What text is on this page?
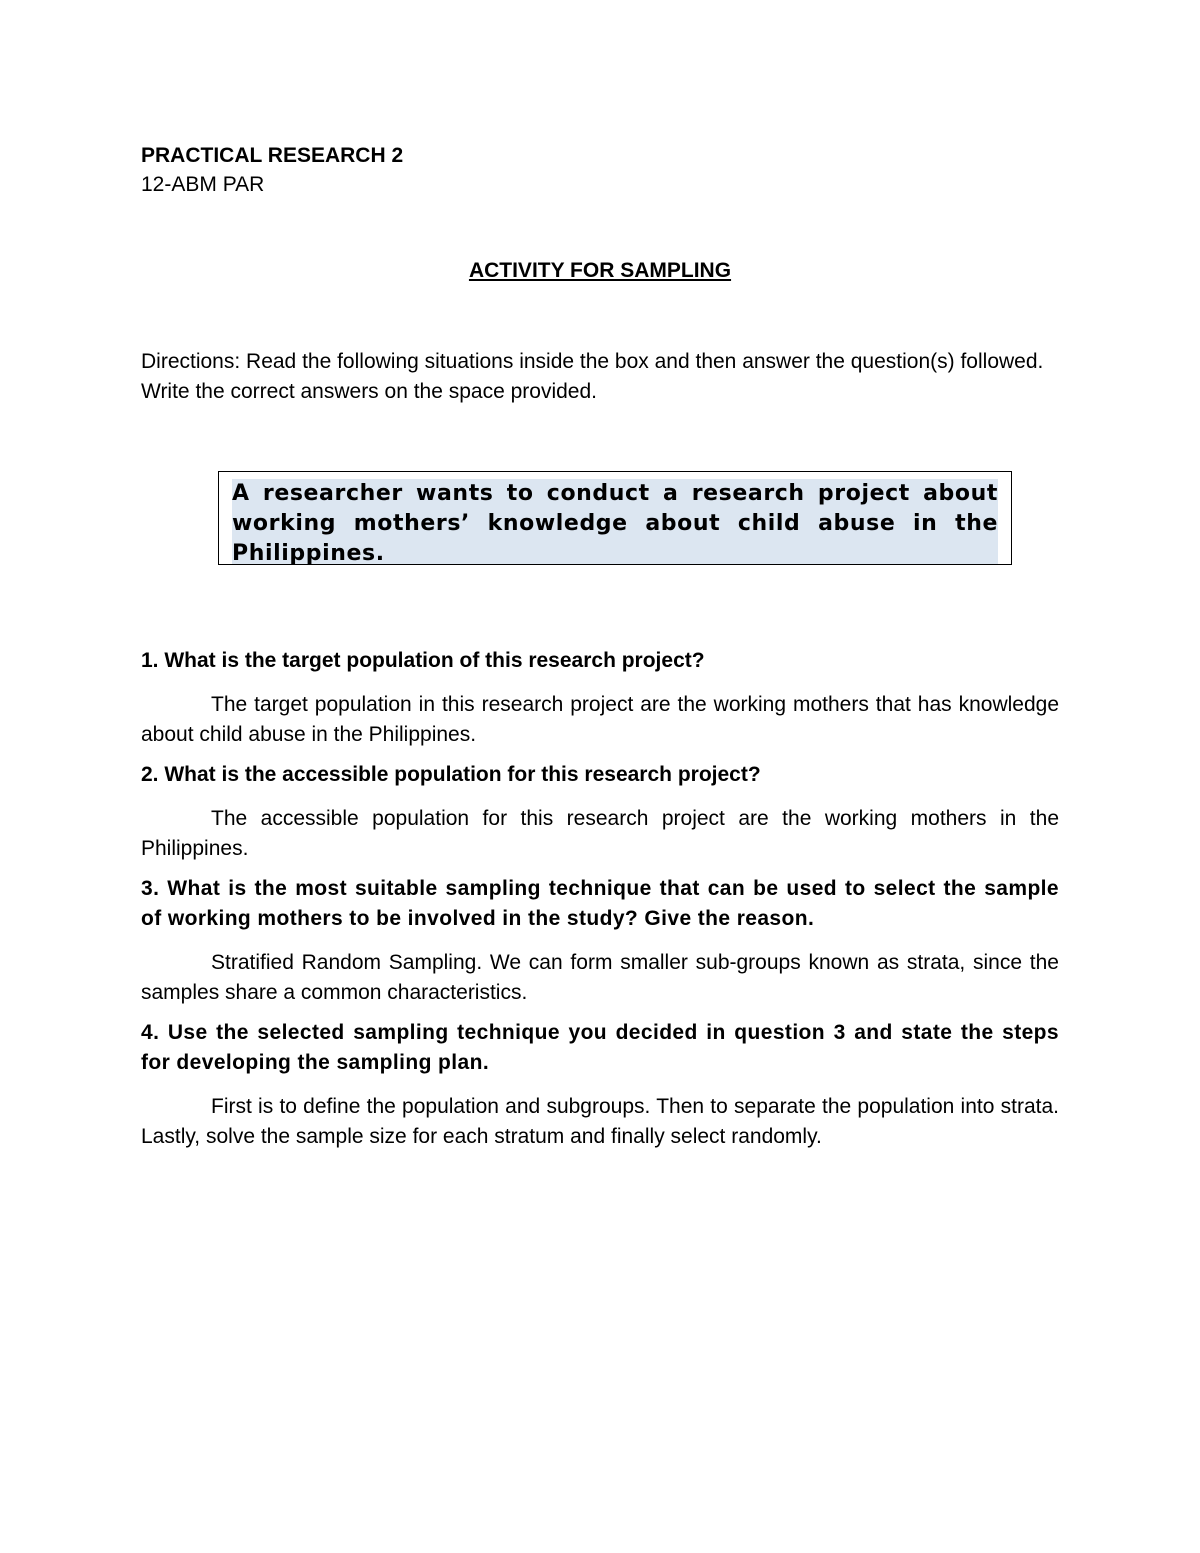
PRACTICAL RESEARCH 2

12-ABM PAR

ACTIVITY FOR SAMPLING

Directions: Read the following situations inside the box and then answer the question(s) followed. Write the correct answers on the space provided.

A researcher wants to conduct a research project about working mothers’ knowledge about child abuse in the Philippines.

1. What is the target population of this research project?

The target population in this research project are the working mothers that has knowledge about child abuse in the Philippines.

2. What is the accessible population for this research project?

The accessible population for this research project are the working mothers in the Philippines.

3. What is the most suitable sampling technique that can be used to select the sample of working mothers to be involved in the study? Give the reason.

Stratified Random Sampling. We can form smaller sub-groups known as strata, since the samples share a common characteristics.

4. Use the selected sampling technique you decided in question 3 and state the steps for developing the sampling plan.

First is to define the population and subgroups. Then to separate the population into strata. Lastly, solve the sample size for each stratum and finally select randomly.
